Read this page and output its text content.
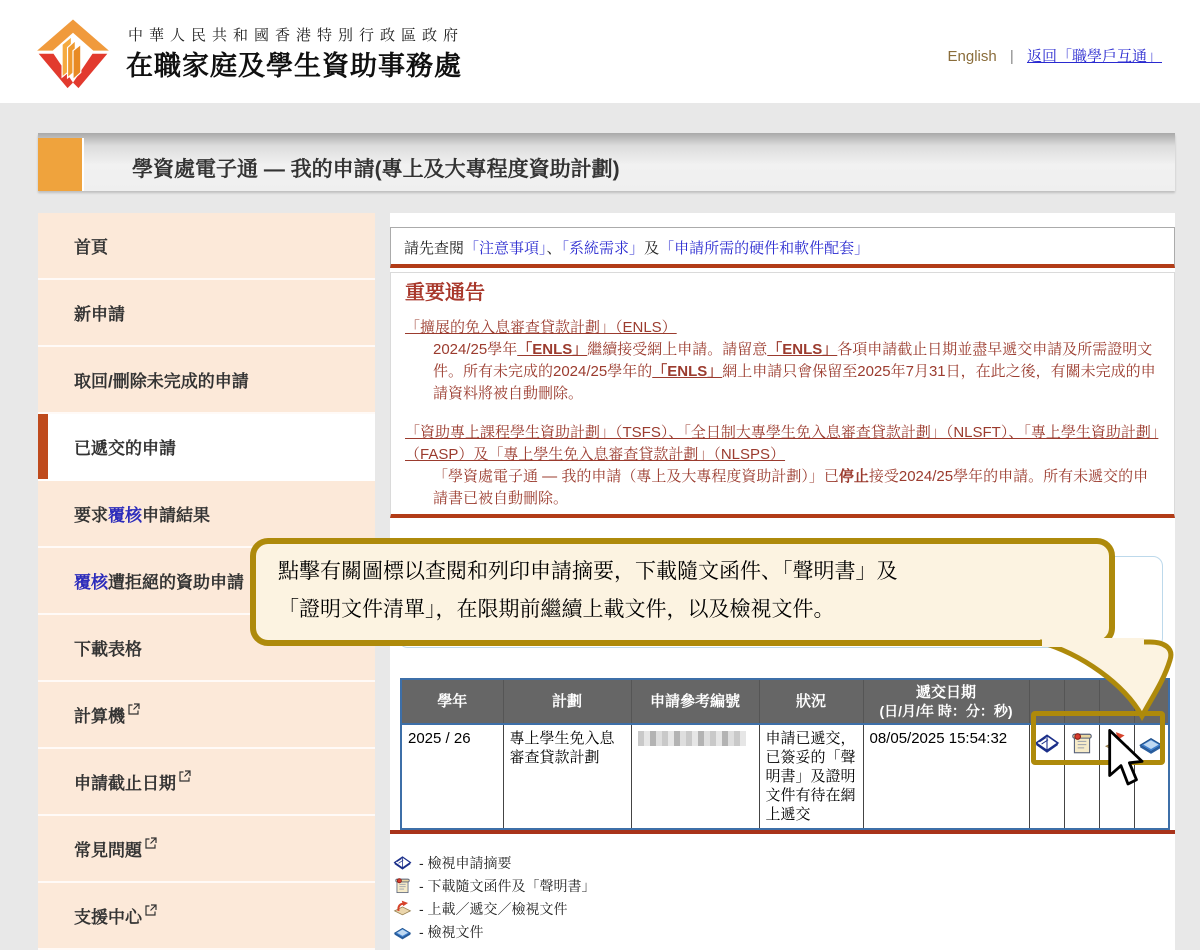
中華人民共和國香港特別行政區政府
在職家庭及學生資助事務處	English | 返回「職學戶互通」
學資處電子通 — 我的申請(專上及大專程度資助計劃)
首頁
新申請
取回/刪除未完成的申請
已遞交的申請
要求 覆核 申請結果
覆核 遭拒絕的資助申請
下載表格
計算機
申請截止日期
常見問題
支援中心
請先查閱「注意事項」、「系統需求」及「申請所需的硬件和軟件配套」
重要通告
「擴展的免入息審查貸款計劃」（ENLS）
2024/25學年「ENLS」繼續接受網上申請。請留意「ENLS」各項申請截止日期並盡早遞交申請及所需證明文件。所有未完成的2024/25學年的「ENLS」網上申請只會保留至2025年7月31日，在此之後，有關未完成的申請資料將被自動刪除。
「資助專上課程學生資助計劃」（TSFS）、「全日制大專學生免入息審查貸款計劃」（NLSFT）、「專上學生資助計劃」（FASP）及「專上學生免入息審查貸款計劃」（NLSPS）
「學資處電子通 — 我的申請（專上及大專程度資助計劃）」已停止接受2024/25學年的申請。所有未遞交的申請書已被自動刪除。
學年	計劃	申請參考編號	狀況	遞交日期
(日/月/年 時：分：秒)				
2025 / 26	專上學生免入息審查貸款計劃		申請已遞交，已簽妥的「聲明書」及證明文件有待在網上遞交	08/05/2025 15:54:32				
- 檢視申請摘要
- 下載隨文函件及「聲明書」
- 上載／遞交／檢視文件
- 檢視文件
點擊有關圖標以查閱和列印申請摘要，下載隨文函件、「聲明書」及
「證明文件清單」，在限期前繼續上載文件，以及檢視文件。
